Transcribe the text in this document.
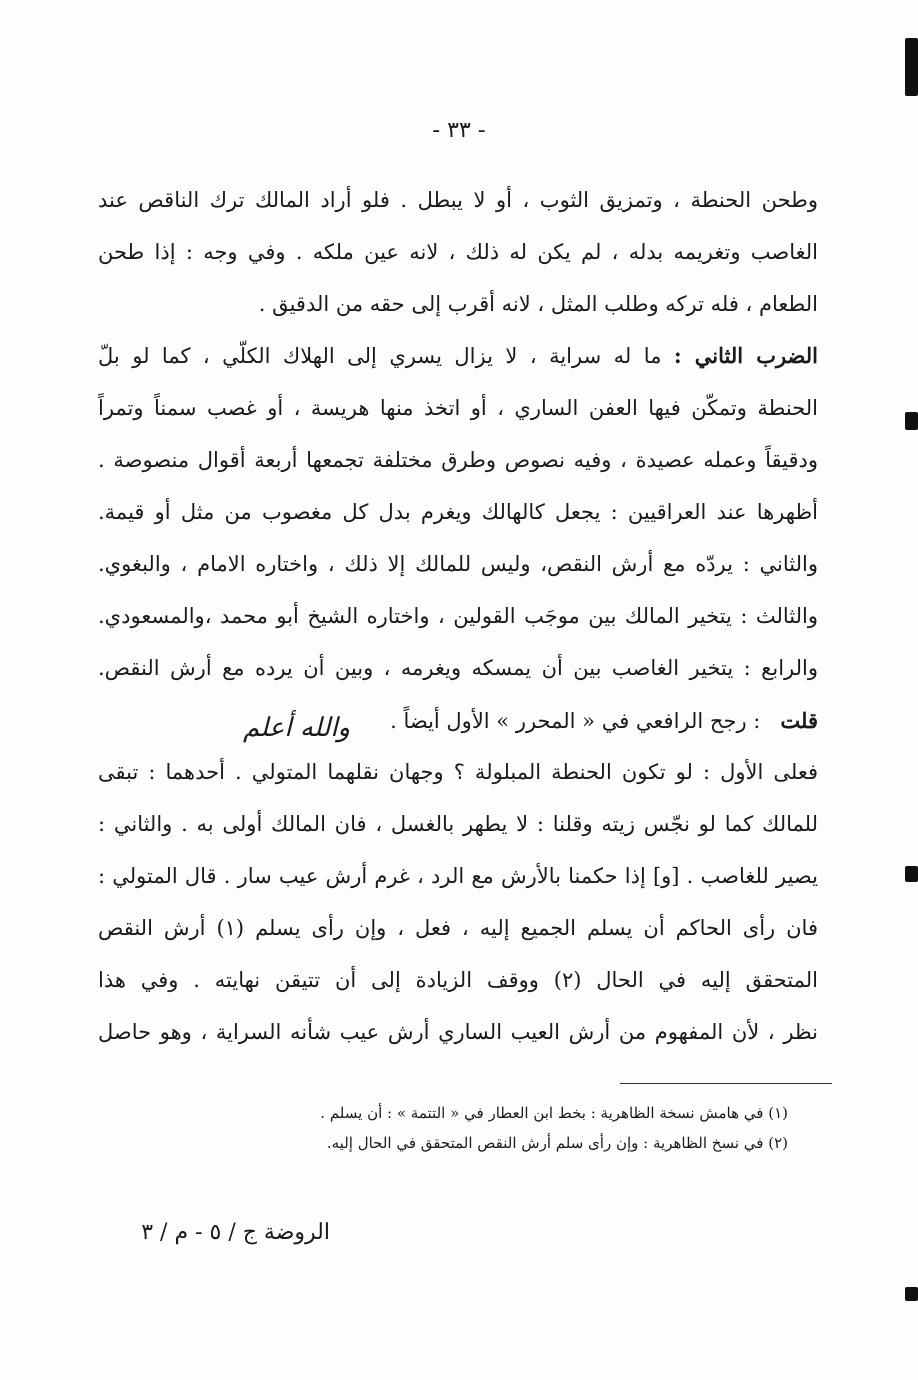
- ٣٣ -
وطحن الحنطة ، وتمزيق الثوب ، أو لا يبطل . فلو أراد المالك ترك الناقص عند
الغاصب وتغريمه بدله ، لم يكن له ذلك ، لانه عين ملكه . وفي وجه : إذا طحن
الطعام ، فله تركه وطلب المثل ، لانه أقرب إلى حقه من الدقيق .
الضرب الثاني : ما له سراية ، لا يزال يسري إلى الهلاك الكلّي ، كما لو بلّ
الحنطة وتمكّن فيها العفن الساري ، أو اتخذ منها هريسة ، أو غصب سمناً وتمراً
ودقيقاً وعمله عصيدة ، وفيه نصوص وطرق مختلفة تجمعها أربعة أقوال منصوصة .
أظهرها عند العراقيين : يجعل كالهالك ويغرم بدل كل مغصوب من مثل أو قيمة.
والثاني : يردّه مع أرش النقص، وليس للمالك إلا ذلك ، واختاره الامام ، والبغوي.
والثالث : يتخير المالك بين موجَب القولين ، واختاره الشيخ أبو محمد ،والمسعودي.
والرابع : يتخير الغاصب بين أن يمسكه ويغرمه ، وبين أن يرده مع أرش النقص.
قلت   : رجح الرافعي في « المحرر » الأول أيضاً .والله أعلم
فعلى الأول : لو تكون الحنطة المبلولة ؟ وجهان نقلهما المتولي . أحدهما : تبقى
للمالك كما لو نجّس زيته وقلنا : لا يطهر بالغسل ، فان المالك أولى به . والثاني :
يصير للغاصب . [و] إذا حكمنا بالأرش مع الرد ، غرم أرش عيب سار . قال المتولي :
فان رأى الحاكم أن يسلم الجميع إليه ، فعل ، وإن رأى يسلم (١) أرش النقص
المتحقق إليه في الحال (٢) ووقف الزيادة إلى أن تتيقن نهايته . وفي هذا
نظر ، لأن المفهوم من أرش العيب الساري أرش عيب شأنه السراية ، وهو حاصل
(١) في هامش نسخة الظاهرية : بخط ابن العطار في « التتمة » : أن يسلم .
(٢) في نسخ الظاهرية : وإن رأى سلم أرش النقص المتحقق في الحال إليه.
الروضة ج / ٥ - م / ٣
